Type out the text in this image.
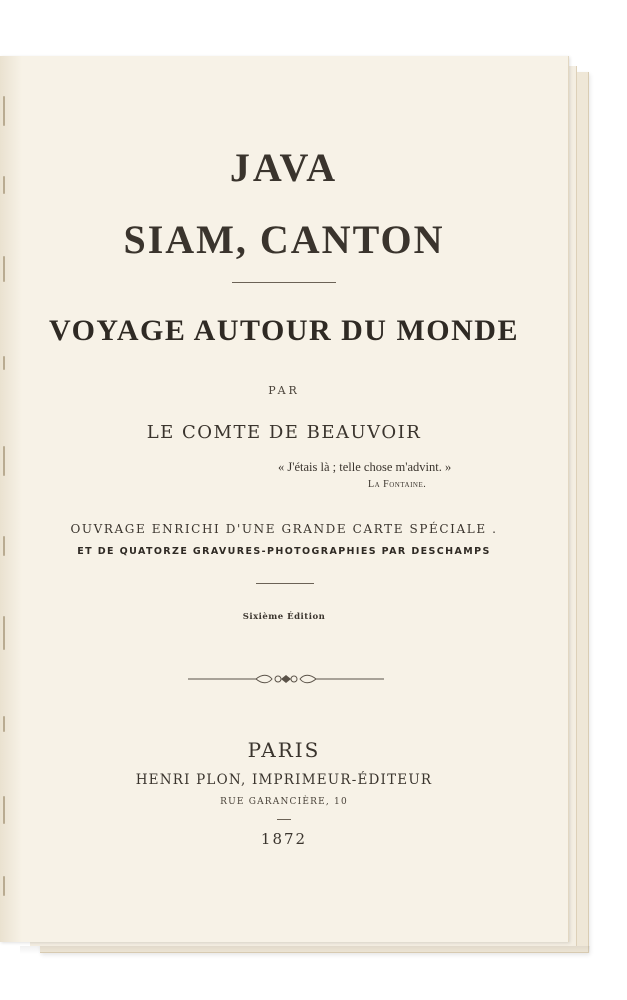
JAVA
SIAM, CANTON
VOYAGE AUTOUR DU MONDE
PAR
LE COMTE DE BEAUVOIR
« J'étais là ; telle chose m'advint. »
La Fontaine.
OUVRAGE ENRICHI D'UNE GRANDE CARTE SPÉCIALE .
ET DE QUATORZE GRAVURES-PHOTOGRAPHIES PAR DESCHAMPS
Sixième Édition
PARIS
HENRI PLON, IMPRIMEUR-ÉDITEUR
RUE GARANCIÈRE, 10
1872
